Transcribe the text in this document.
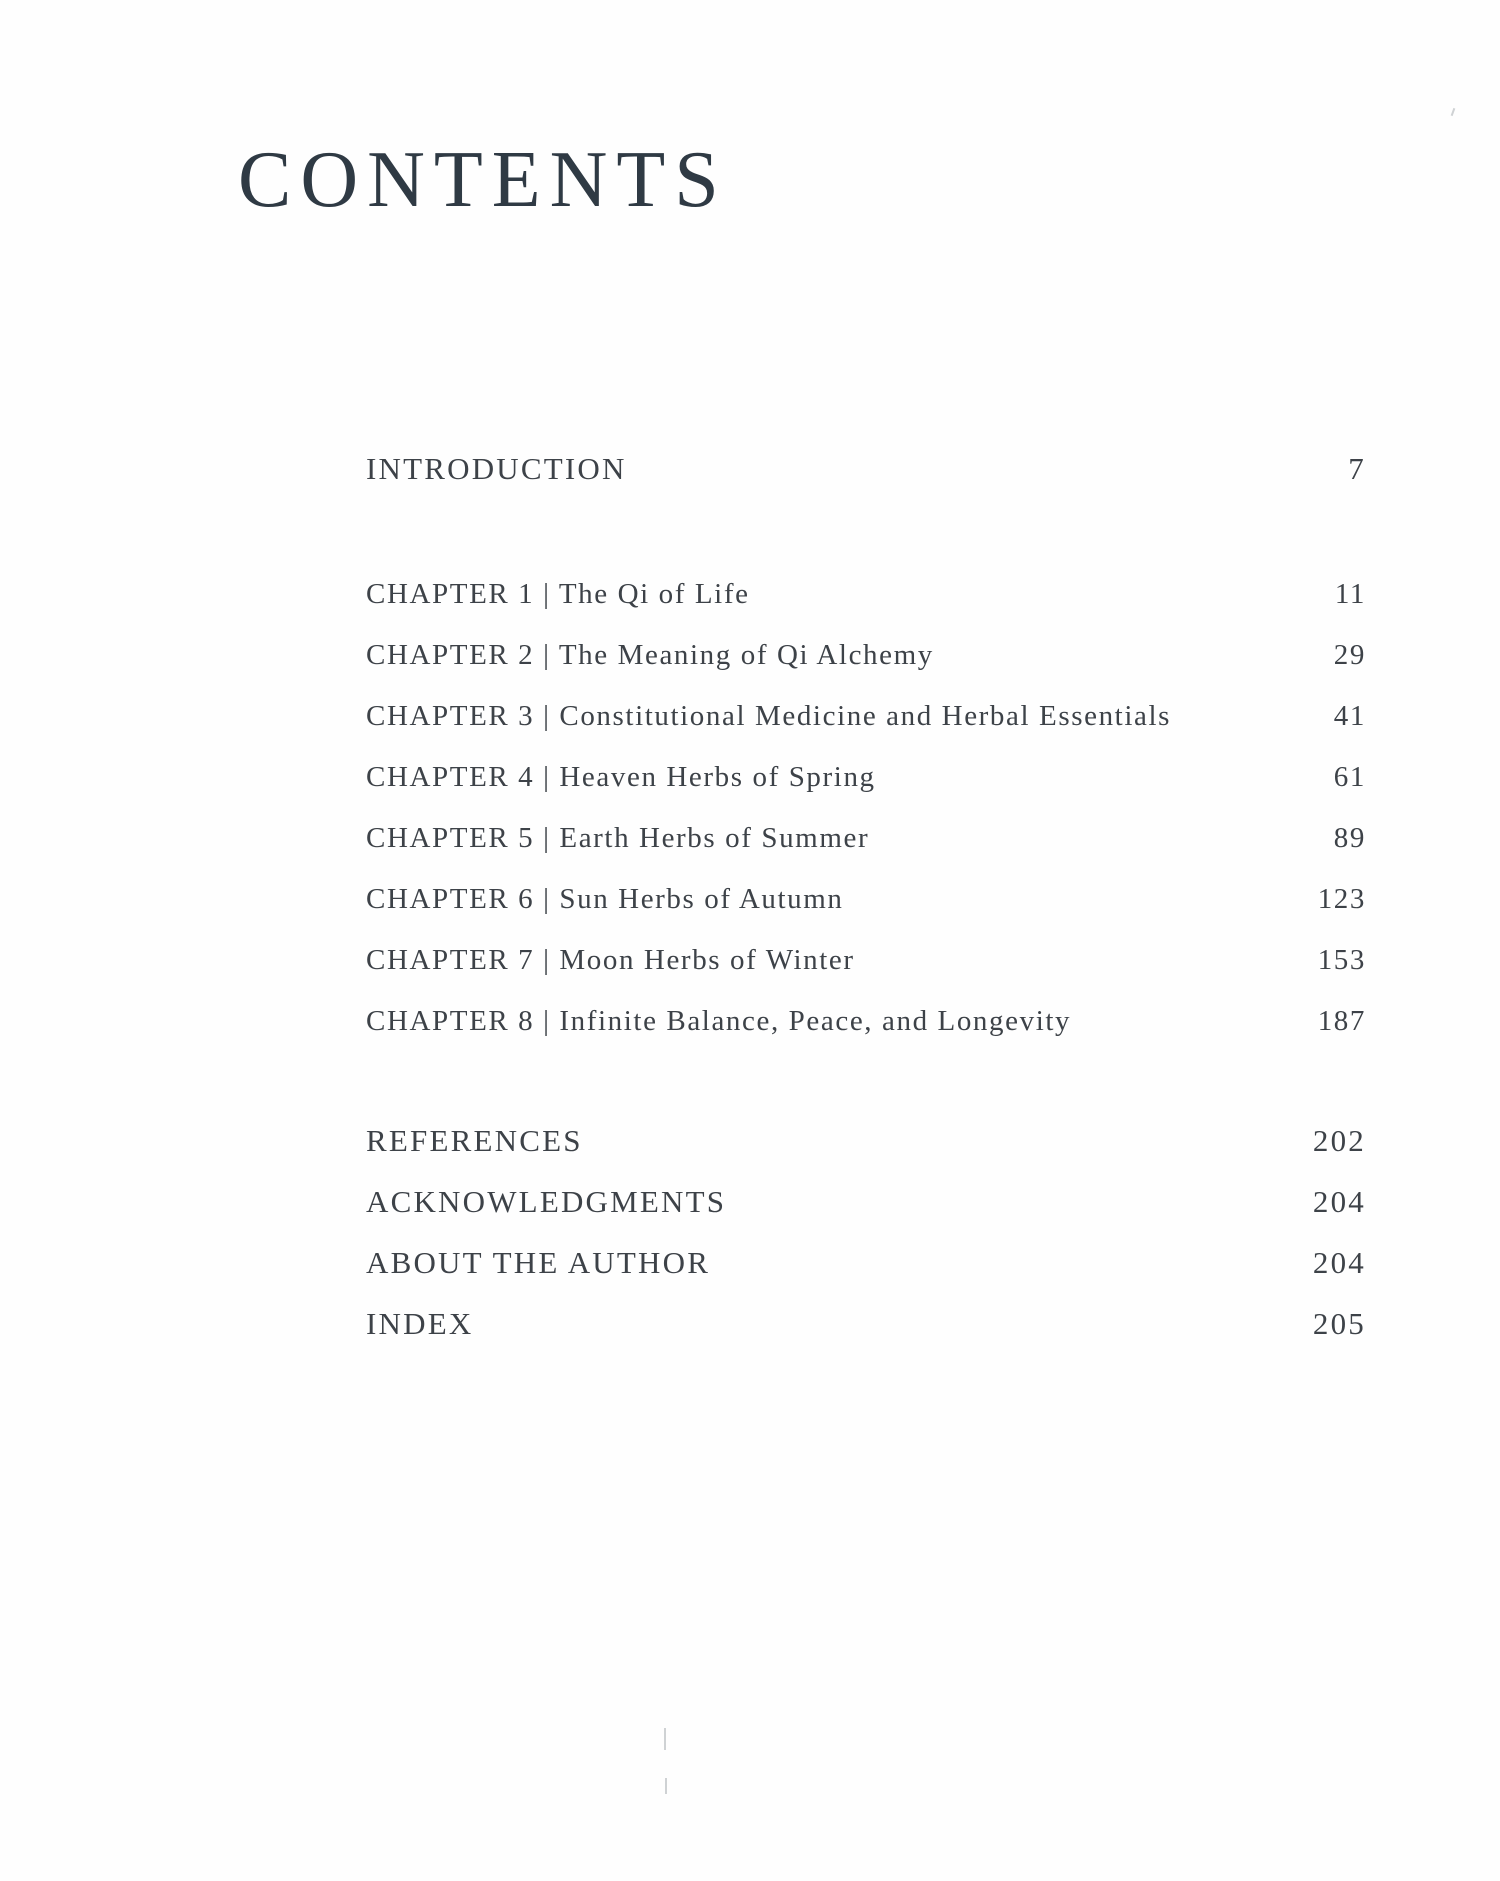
CONTENTS
INTRODUCTION	7
CHAPTER 1 | The Qi of Life	11
CHAPTER 2 | The Meaning of Qi Alchemy	29
CHAPTER 3 | Constitutional Medicine and Herbal Essentials	41
CHAPTER 4 | Heaven Herbs of Spring	61
CHAPTER 5 | Earth Herbs of Summer	89
CHAPTER 6 | Sun Herbs of Autumn	123
CHAPTER 7 | Moon Herbs of Winter	153
CHAPTER 8 | Infinite Balance, Peace, and Longevity	187
REFERENCES	202
ACKNOWLEDGMENTS	204
ABOUT THE AUTHOR	204
INDEX	205
